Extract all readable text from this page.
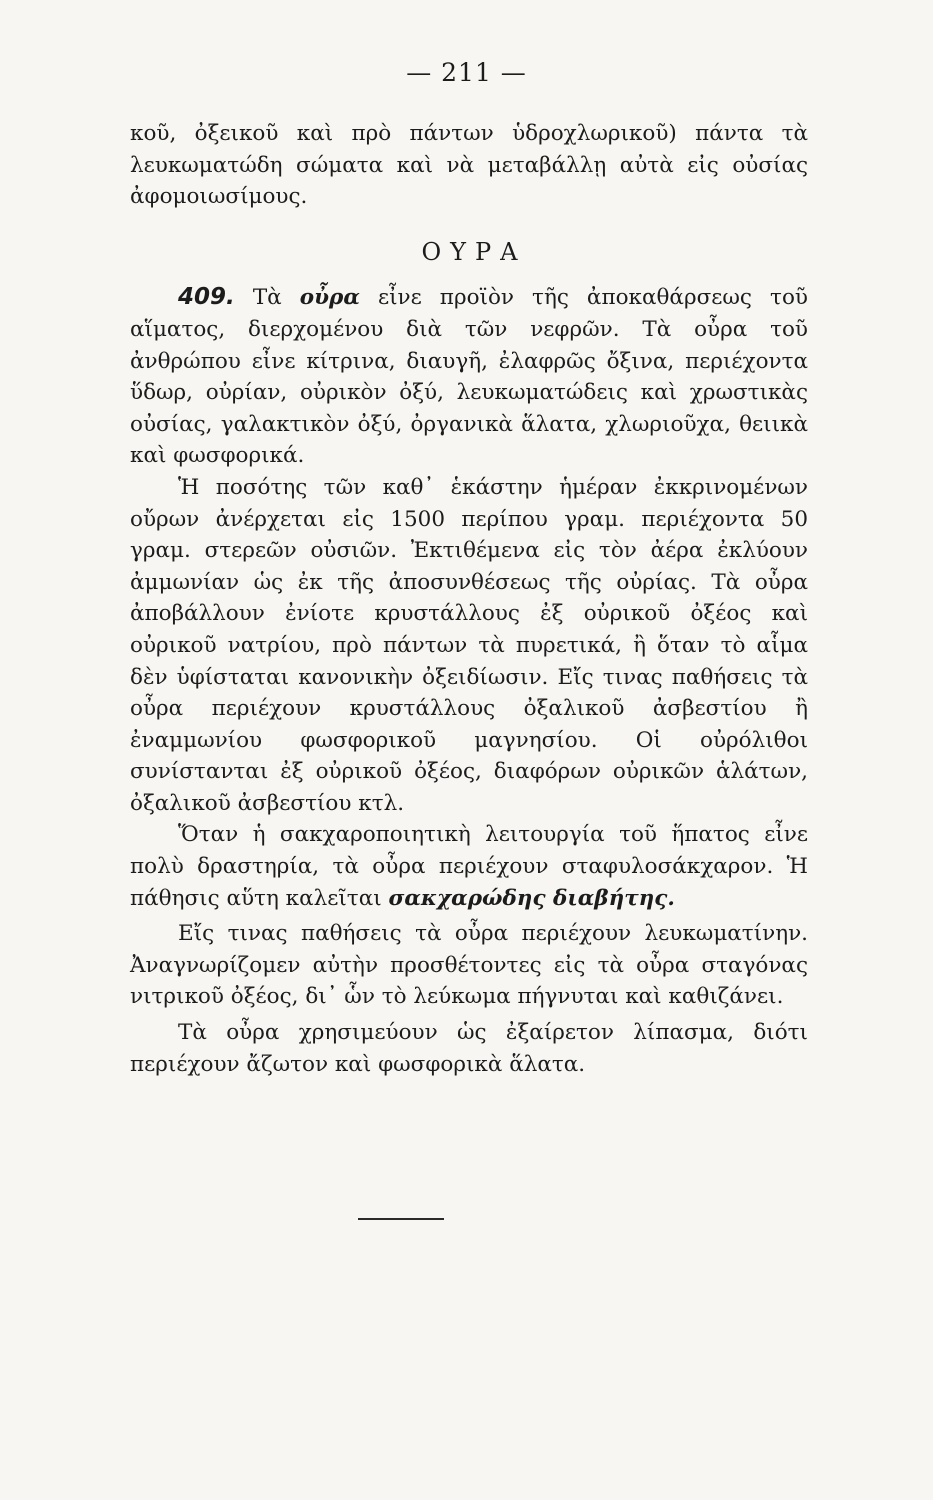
— 211 —

κοῦ, ὀξεικοῦ καὶ πρὸ πάντων ὑδροχλωρικοῦ) πάντα τὰ λευκωματώδη σώματα καὶ νὰ μεταβάλλῃ αὐτὰ εἰς οὐσίας ἀφομοιωσίμους.

ΟΥΡΑ

409. Τὰ οὖρα εἶνε προϊὸν τῆς ἀποκαθάρσεως τοῦ αἵματος, διερχομένου διὰ τῶν νεφρῶν. Τὰ οὖρα τοῦ ἀνθρώπου εἶνε κίτρινα, διαυγῆ, ἐλαφρῶς ὄξινα, περιέχοντα ὕδωρ, οὐρίαν, οὐρικὸν ὀξύ, λευκωματώδεις καὶ χρωστικὰς οὐσίας, γαλακτικὸν ὀξύ, ὀργανικὰ ἅλατα, χλωριοῦχα, θειικὰ καὶ φωσφορικά.

Ἡ ποσότης τῶν καθ᾽ ἑκάστην ἡμέραν ἐκκρινομένων οὔρων ἀνέρχεται εἰς 1500 περίπου γραμ. περιέχοντα 50 γραμ. στερεῶν οὐσιῶν. Ἐκτιθέμενα εἰς τὸν ἀέρα ἐκλύουν ἀμμωνίαν ὡς ἐκ τῆς ἀποσυνθέσεως τῆς οὐρίας. Τὰ οὖρα ἀποβάλλουν ἐνίοτε κρυστάλλους ἐξ οὐρικοῦ ὀξέος καὶ οὐρικοῦ νατρίου, πρὸ πάντων τὰ πυρετικά, ἢ ὅταν τὸ αἷμα δὲν ὑφίσταται κανονικὴν ὀξειδίωσιν. Εἴς τινας παθήσεις τὰ οὖρα περιέχουν κρυστάλλους ὀξαλικοῦ ἀσβεστίου ἢ ἐναμμωνίου φωσφορικοῦ μαγνησίου. Οἱ οὐρόλιθοι συνίστανται ἐξ οὐρικοῦ ὀξέος, διαφόρων οὐρικῶν ἁλάτων, ὀξαλικοῦ ἀσβεστίου κτλ.

Ὅταν ἡ σακχαροποιητικὴ λειτουργία τοῦ ἥπατος εἶνε πολὺ δραστηρία, τὰ οὖρα περιέχουν σταφυλοσάκχαρον. Ἡ πάθησις αὕτη καλεῖται σακχαρώδης διαβήτης.

Εἴς τινας παθήσεις τὰ οὖρα περιέχουν λευκωματίνην. Ἀναγνωρίζομεν αὐτὴν προσθέτοντες εἰς τὰ οὖρα σταγόνας νιτρικοῦ ὀξέος, δι᾽ ὧν τὸ λεύκωμα πήγνυται καὶ καθιζάνει.

Τὰ οὖρα χρησιμεύουν ὡς ἐξαίρετον λίπασμα, διότι περιέχουν ἄζωτον καὶ φωσφορικὰ ἅλατα.
